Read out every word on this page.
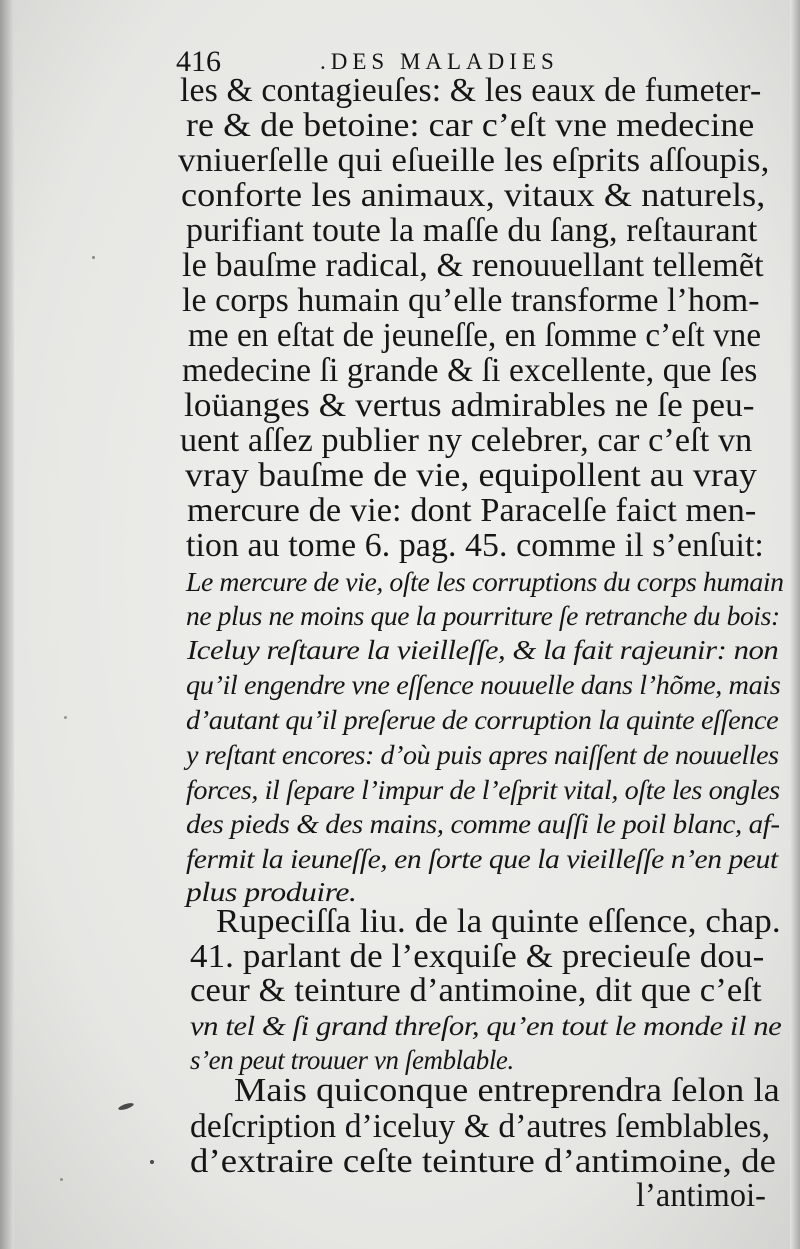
416	.DES MALADIES
les & contagieuſes: & les eaux de fumeter-
re & de betoine: car c’eſt vne medecine
vniuerſelle qui eſueille les eſprits aſſoupis,
conforte les animaux, vitaux & naturels,
purifiant toute la maſſe du ſang, reſtaurant
le bauſme radical, & renouuellant tellemẽt
le corps humain qu’elle transforme l’hom-
me en eſtat de jeuneſſe, en ſomme c’eſt vne
medecine ſi grande & ſi excellente, que ſes
loüanges & vertus admirables ne ſe peu-
uent aſſez publier ny celebrer, car c’eſt vn
vray bauſme de vie, equipollent au vray
mercure de vie: dont Paracelſe faict men-
tion au tome 6. pag. 45. comme il s’enſuit:
Le mercure de vie, oſte les corruptions du corps humain
ne plus ne moins que la pourriture ſe retranche du bois:
Iceluy reſtaure la vieilleſſe, & la fait rajeunir: non
qu’il engendre vne eſſence nouuelle dans l’hõme, mais
d’autant qu’il preſerue de corruption la quinte eſſence
y reſtant encores: d’où puis apres naiſſent de nouuelles
forces, il ſepare l’impur de l’eſprit vital, oſte les ongles
des pieds & des mains, comme auſſi le poil blanc, af-
fermit la ieuneſſe, en ſorte que la vieilleſſe n’en peut
plus produire.
Rupeciſſa liu. de la quinte eſſence, chap.
41. parlant de l’exquiſe & precieuſe dou-
ceur & teinture d’antimoine, dit que c’eſt
vn tel & ſi grand threſor, qu’en tout le monde il ne
s’en peut trouuer vn ſemblable.
Mais quiconque entreprendra ſelon la
deſcription d’iceluy & d’autres ſemblables,
d’extraire ceſte teinture d’antimoine, de
l’antimoi-
